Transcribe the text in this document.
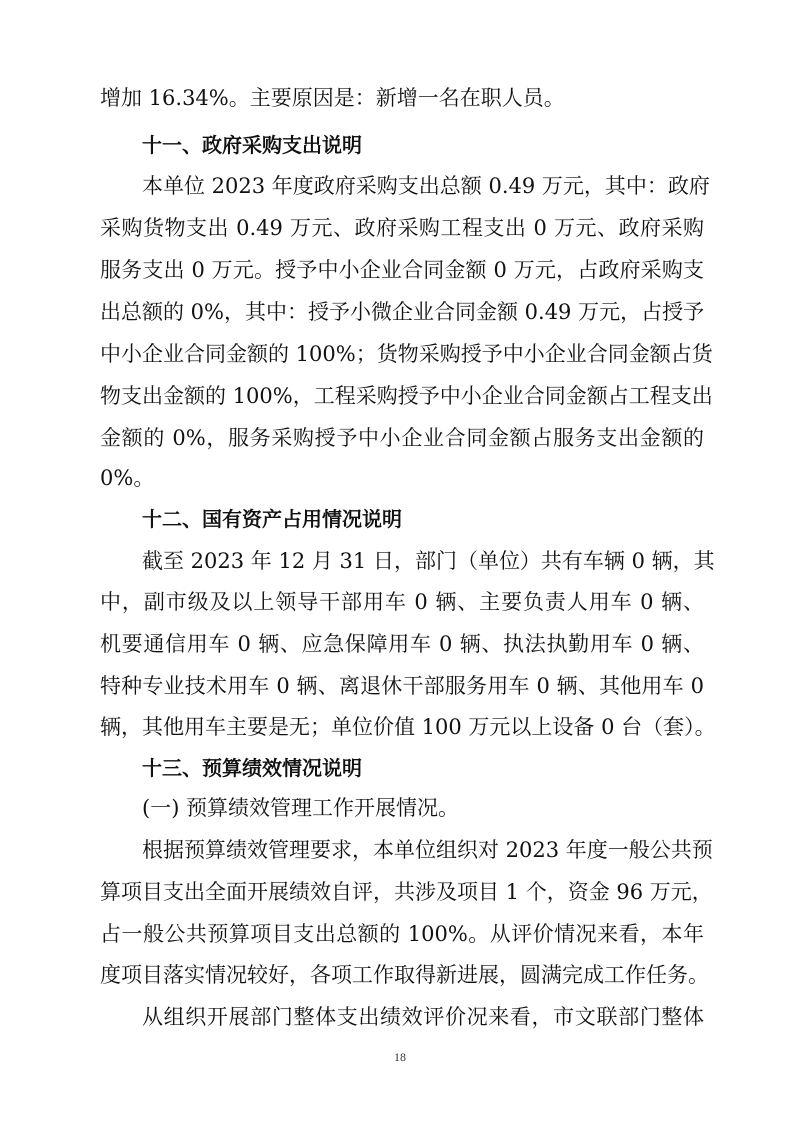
增加 16.34%。主要原因是：新增一名在职人员。
十一、政府采购支出说明
本单位 2023 年度政府采购支出总额 0.49 万元，其中：政府
采购货物支出 0.49 万元、政府采购工程支出 0 万元、政府采购
服务支出 0 万元。授予中小企业合同金额 0 万元，占政府采购支
出总额的 0%，其中：授予小微企业合同金额 0.49 万元，占授予
中小企业合同金额的 100%；货物采购授予中小企业合同金额占货
物支出金额的 100%，工程采购授予中小企业合同金额占工程支出
金额的 0%，服务采购授予中小企业合同金额占服务支出金额的
0%。
十二、国有资产占用情况说明
截至 2023 年 12 月 31 日，部门（单位）共有车辆 0 辆，其
中，副市级及以上领导干部用车 0 辆、主要负责人用车 0 辆、
机要通信用车 0 辆、应急保障用车 0 辆、执法执勤用车 0 辆、
特种专业技术用车 0 辆、离退休干部服务用车 0 辆、其他用车 0
辆，其他用车主要是无；单位价值 100 万元以上设备 0 台（套）。
十三、预算绩效情况说明
(一) 预算绩效管理工作开展情况。
根据预算绩效管理要求，本单位组织对 2023 年度一般公共预
算项目支出全面开展绩效自评，共涉及项目 1 个，资金 96 万元，
占一般公共预算项目支出总额的 100%。从评价情况来看，本年
度项目落实情况较好，各项工作取得新进展，圆满完成工作任务。
从组织开展部门整体支出绩效评价况来看，市文联部门整体
18
